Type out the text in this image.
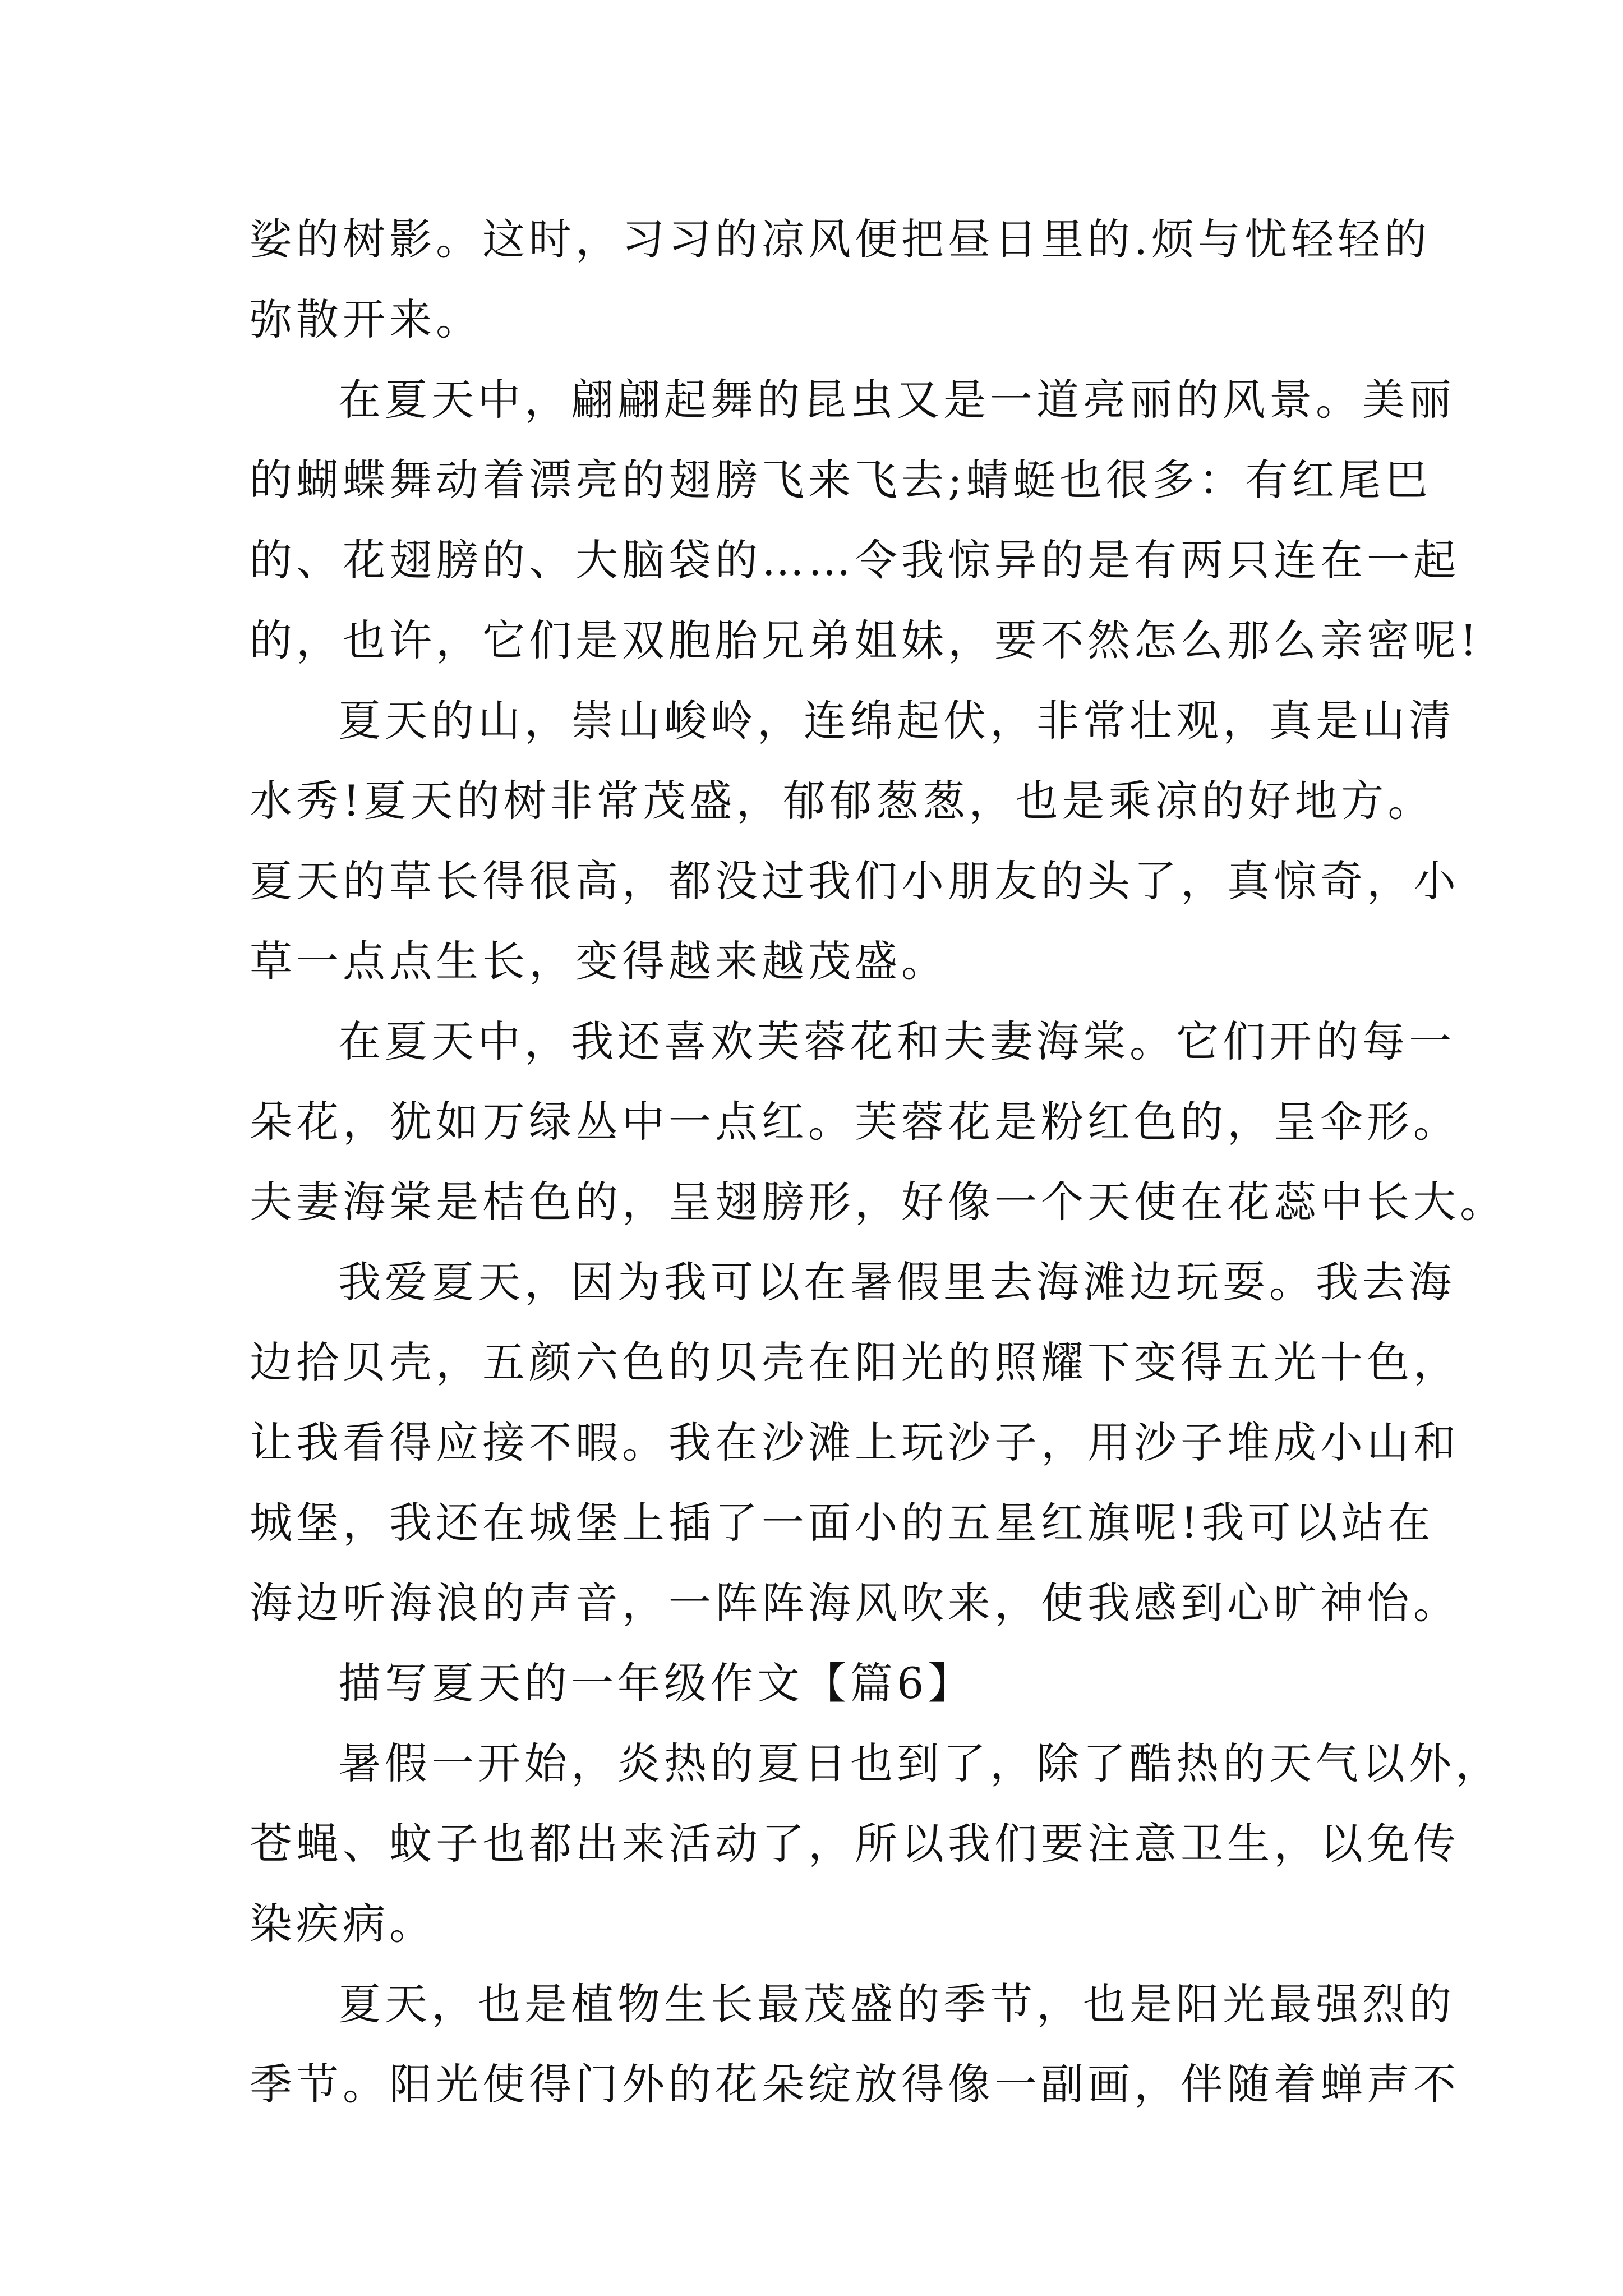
娑的树影。这时，习习的凉风便把昼日里的.烦与忧轻轻的
弥散开来。
在夏天中，翩翩起舞的昆虫又是一道亮丽的风景。美丽
的蝴蝶舞动着漂亮的翅膀飞来飞去;蜻蜓也很多：有红尾巴
的、花翅膀的、大脑袋的……令我惊异的是有两只连在一起
的，也许，它们是双胞胎兄弟姐妹，要不然怎么那么亲密呢!
夏天的山，崇山峻岭，连绵起伏，非常壮观，真是山清
水秀!夏天的树非常茂盛，郁郁葱葱，也是乘凉的好地方。
夏天的草长得很高，都没过我们小朋友的头了，真惊奇，小
草一点点生长，变得越来越茂盛。
在夏天中，我还喜欢芙蓉花和夫妻海棠。它们开的每一
朵花，犹如万绿丛中一点红。芙蓉花是粉红色的，呈伞形。
夫妻海棠是桔色的，呈翅膀形，好像一个天使在花蕊中长大。
我爱夏天，因为我可以在暑假里去海滩边玩耍。我去海
边拾贝壳，五颜六色的贝壳在阳光的照耀下变得五光十色，
让我看得应接不暇。我在沙滩上玩沙子，用沙子堆成小山和
城堡，我还在城堡上插了一面小的五星红旗呢!我可以站在
海边听海浪的声音，一阵阵海风吹来，使我感到心旷神怡。
描写夏天的一年级作文【篇6】
暑假一开始，炎热的夏日也到了，除了酷热的天气以外，
苍蝇、蚊子也都出来活动了，所以我们要注意卫生，以免传
染疾病。
夏天，也是植物生长最茂盛的季节，也是阳光最强烈的
季节。阳光使得门外的花朵绽放得像一副画，伴随着蝉声不
